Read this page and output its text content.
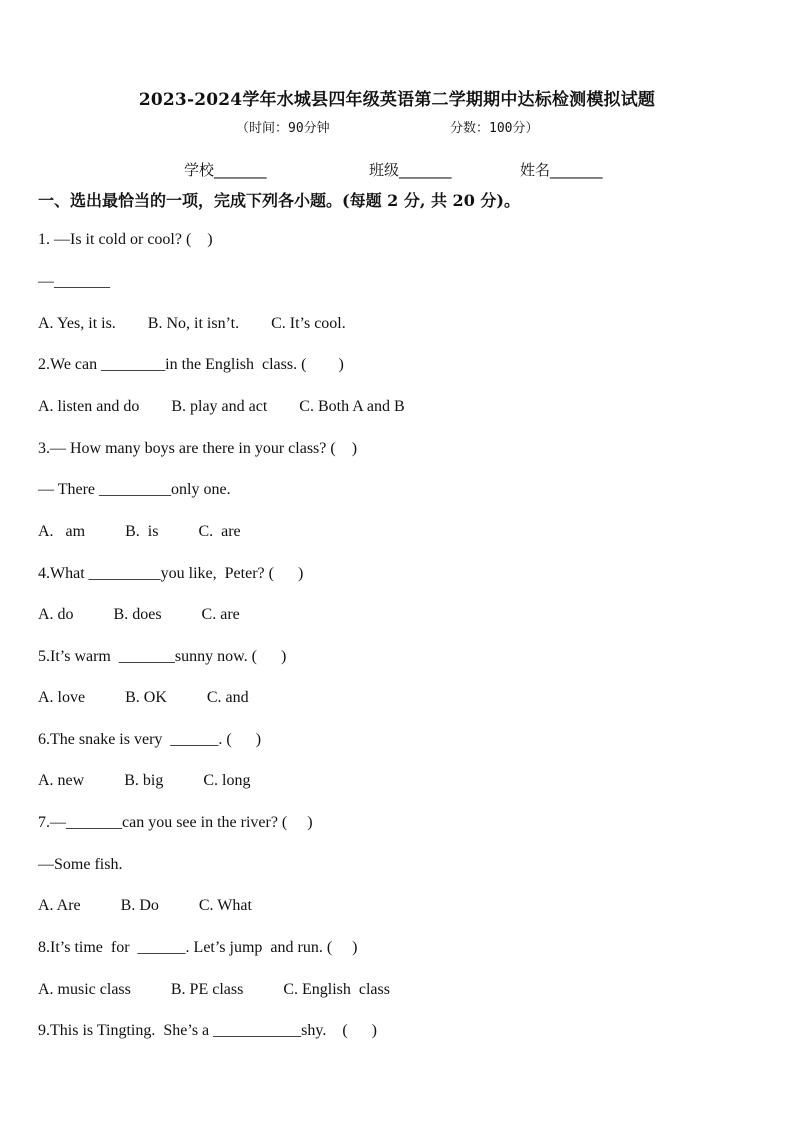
2023-2024学年水城县四年级英语第二学期期中达标检测模拟试题
（时间：90分钟	分数：100分）
学校_______	班级_______	姓名_______
一、选出最恰当的一项，完成下列各小题。(每题 2 分, 共 20 分)。
1. —Is it cold or cool? (    )
—_______
A. Yes, it is.        B. No, it isn’t.        C. It’s cool.
2.We can ________in the English  class. (        )
A. listen and do        B. play and act        C. Both A and B
3.— How many boys are there in your class? (    )
— There _________only one.
A.   am          B.  is          C.  are
4.What _________you like,  Peter? (      )
A. do          B. does          C. are
5.It’s warm  _______sunny now. (      )
A. love          B. OK          C. and
6.The snake is very  ______. (      )
A. new          B. big          C. long
7.—_______can you see in the river? (     )
—Some fish.
A. Are          B. Do          C. What
8.It’s time  for  ______. Let’s jump  and run. (     )
A. music class          B. PE class          C. English  class
9.This is Tingting.  She’s a ___________shy.    (      )
